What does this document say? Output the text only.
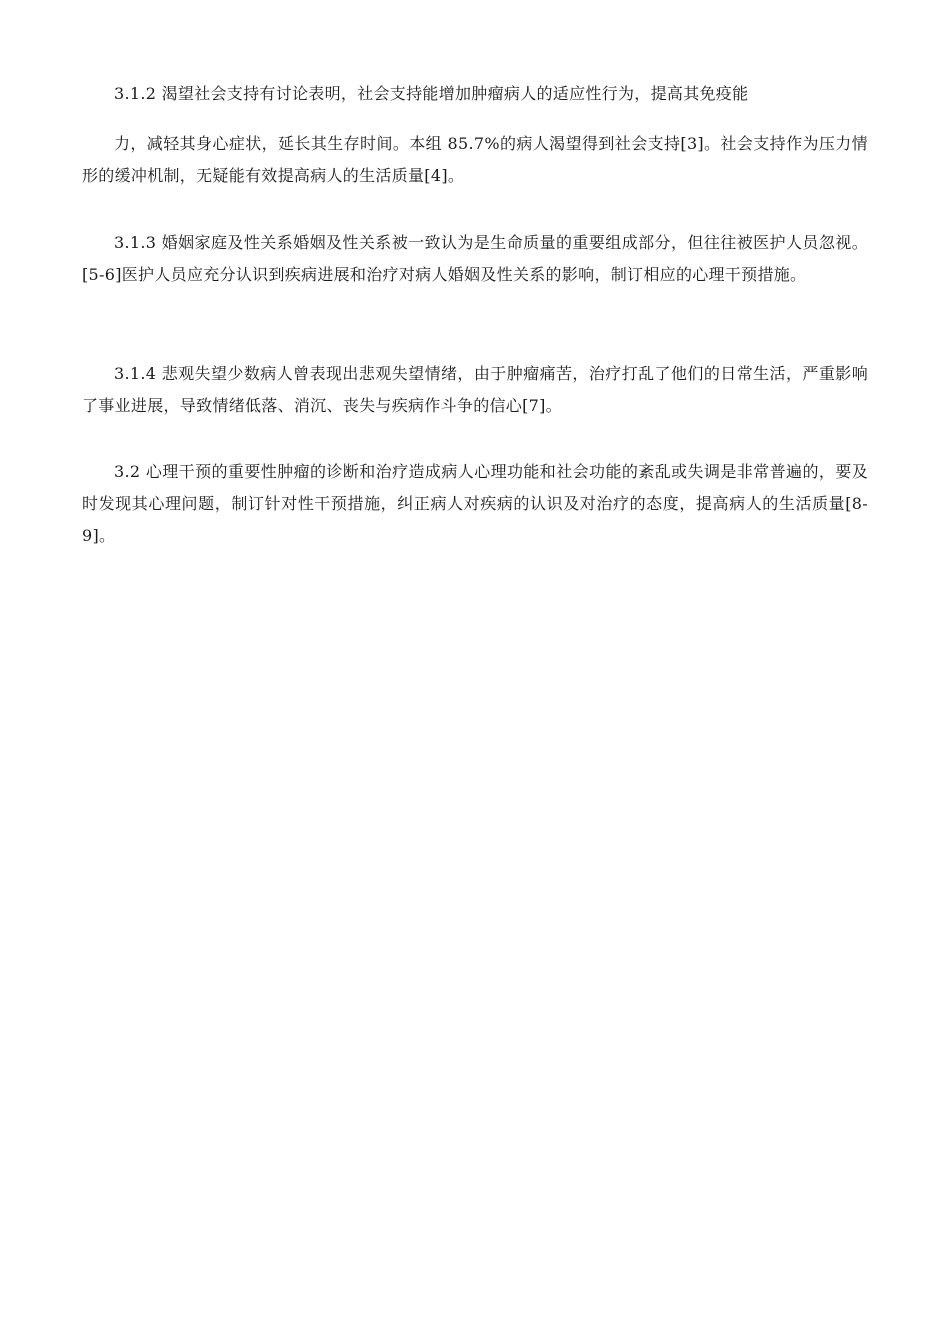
3.1.2 渴望社会支持有讨论表明，社会支持能增加肿瘤病人的适应性行为，提高其免疫能

力，减轻其身心症状，延长其生存时间。本组 85.7%的病人渴望得到社会支持[3]。社会支持作为压力情形的缓冲机制，无疑能有效提高病人的生活质量[4]。

3.1.3 婚姻家庭及性关系婚姻及性关系被一致认为是生命质量的重要组成部分，但往往被医护人员忽视。[5-6]医护人员应充分认识到疾病进展和治疗对病人婚姻及性关系的影响，制订相应的心理干预措施。

3.1.4 悲观失望少数病人曾表现出悲观失望情绪，由于肿瘤痛苦，治疗打乱了他们的日常生活，严重影响了事业进展，导致情绪低落、消沉、丧失与疾病作斗争的信心[7]。

3.2 心理干预的重要性肿瘤的诊断和治疗造成病人心理功能和社会功能的紊乱或失调是非常普遍的，要及时发现其心理问题，制订针对性干预措施，纠正病人对疾病的认识及对治疗的态度，提高病人的生活质量[8-9]。
